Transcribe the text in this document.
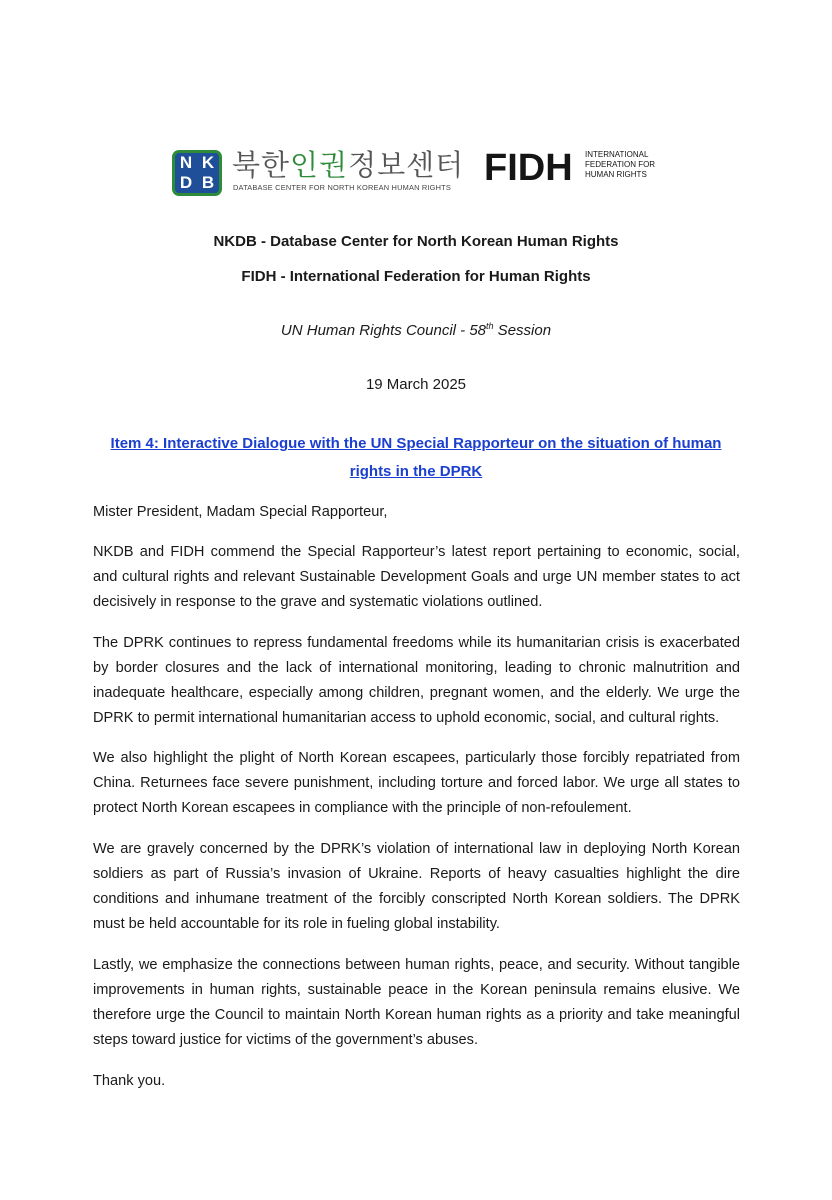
N K
D B
북한인권정보센터
DATABASE CENTER FOR NORTH KOREAN HUMAN RIGHTS FIDH INTERNATIONAL
FEDERATION FOR
HUMAN RIGHTS
NKDB - Database Center for North Korean Human Rights
FIDH - International Federation for Human Rights
UN Human Rights Council - 58th Session
19 March 2025
Item 4: Interactive Dialogue with the UN Special Rapporteur on the situation of human rights in the DPRK

Mister President, Madam Special Rapporteur,

NKDB and FIDH commend the Special Rapporteur’s latest report pertaining to economic, social, and cultural rights and relevant Sustainable Development Goals and urge UN member states to act decisively in response to the grave and systematic violations outlined.

The DPRK continues to repress fundamental freedoms while its humanitarian crisis is exacerbated by border closures and the lack of international monitoring, leading to chronic malnutrition and inadequate healthcare, especially among children, pregnant women, and the elderly. We urge the DPRK to permit international humanitarian access to uphold economic, social, and cultural rights.

We also highlight the plight of North Korean escapees, particularly those forcibly repatriated from China. Returnees face severe punishment, including torture and forced labor. We urge all states to protect North Korean escapees in compliance with the principle of non-refoulement.

We are gravely concerned by the DPRK’s violation of international law in deploying North Korean soldiers as part of Russia’s invasion of Ukraine. Reports of heavy casualties highlight the dire conditions and inhumane treatment of the forcibly conscripted North Korean soldiers. The DPRK must be held accountable for its role in fueling global instability.

Lastly, we emphasize the connections between human rights, peace, and security. Without tangible improvements in human rights, sustainable peace in the Korean peninsula remains elusive. We therefore urge the Council to maintain North Korean human rights as a priority and take meaningful steps toward justice for victims of the government’s abuses.

Thank you.
